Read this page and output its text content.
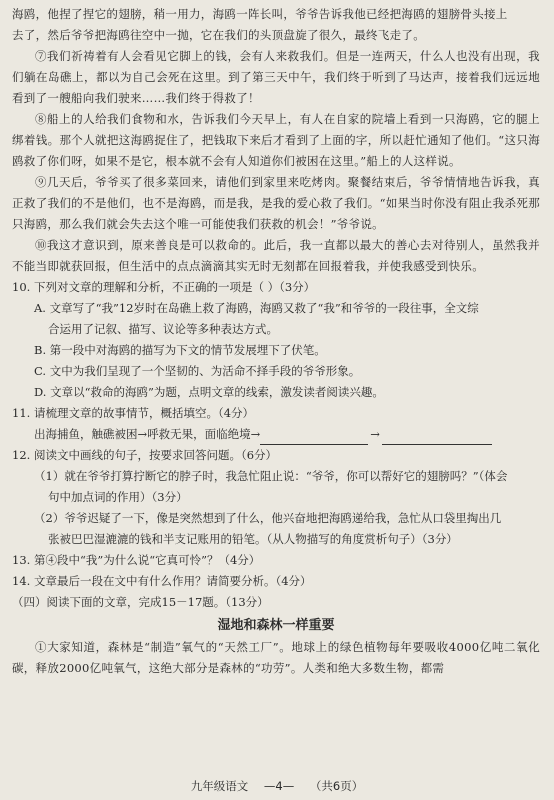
海鸥，他捏了捏它的翅膀，稍一用力，海鸥一阵长叫，爷爷告诉我他已经把海鸥的翅膀骨头接上

去了，然后爷爷把海鸥往空中一抛，它在我们的头顶盘旋了很久，最终飞走了。

⑦我们祈祷着有人会看见它脚上的钱，会有人来救我们。但是一连两天，什么人也没有出现，我们躺在岛礁上，都以为自己会死在这里。到了第三天中午，我们终于听到了马达声，接着我们远远地看到了一艘船向我们驶来……我们终于得救了！

⑧船上的人给我们食物和水，告诉我们今天早上，有人在自家的院墙上看到一只海鸥，它的腿上绑着钱。那个人就把这海鸥捉住了，把钱取下来后才看到了上面的字，所以赶忙通知了他们。“这只海鸥救了你们呀，如果不是它，根本就不会有人知道你们被困在这里。”船上的人这样说。

⑨几天后，爷爷买了很多菜回来，请他们到家里来吃烤肉。聚餐结束后，爷爷情情地告诉我，真正救了我们的不是他们，也不是海鸥，而是我，是我的爱心救了我们。“如果当时你没有阻止我杀死那只海鸥，那么我们就会失去这个唯一可能使我们获救的机会！”爷爷说。

⑩我这才意识到，原来善良是可以救命的。此后，我一直都以最大的善心去对待别人，虽然我并不能当即就获回报，但生活中的点点滴滴其实无时无刻都在回报着我，并使我感受到快乐。

10. 下列对文章的理解和分析，不正确的一项是（ ）（3分）

A. 文章写了“我”12岁时在岛礁上救了海鸥，海鸥又救了“我”和爷爷的一段往事，全文综

合运用了记叙、描写、议论等多种表达方式。

B. 第一段中对海鸥的描写为下文的情节发展埋下了伏笔。

C. 文中为我们呈现了一个坚韧的、为活命不择手段的爷爷形象。

D. 文章以“救命的海鸥”为题，点明文章的线索，激发读者阅读兴趣。

11. 请梳理文章的故事情节，概括填空。（4分）

出海捕鱼，触礁被困→呼救无果，面临绝境→	→

12. 阅读文中画线的句子，按要求回答问题。（6分）

（1）就在爷爷打算拧断它的脖子时，我急忙阻止说：“爷爷，你可以帮好它的翅膀吗？”（体会

句中加点词的作用）（3分）

（2）爷爷迟疑了一下，像是突然想到了什么，他兴奋地把海鸥递给我，急忙从口袋里掏出几

张被巴巴湿漉漉的钱和半支记账用的铅笔。（从人物描写的角度赏析句子）（3分）

13. 第④段中“我”为什么说“它真可怜”？（4分）

14. 文章最后一段在文中有什么作用？请简要分析。（4分）

（四）阅读下面的文章，完成15－17题。（13分）

湿地和森林一样重要

①大家知道，森林是“制造”氧气的“天然工厂”。地球上的绿色植物每年要吸收4000亿吨二氧化碳，释放2000亿吨氧气，这绝大部分是森林的“功劳”。人类和绝大多数生物，都需

九年级语文 —4— （共6页）
